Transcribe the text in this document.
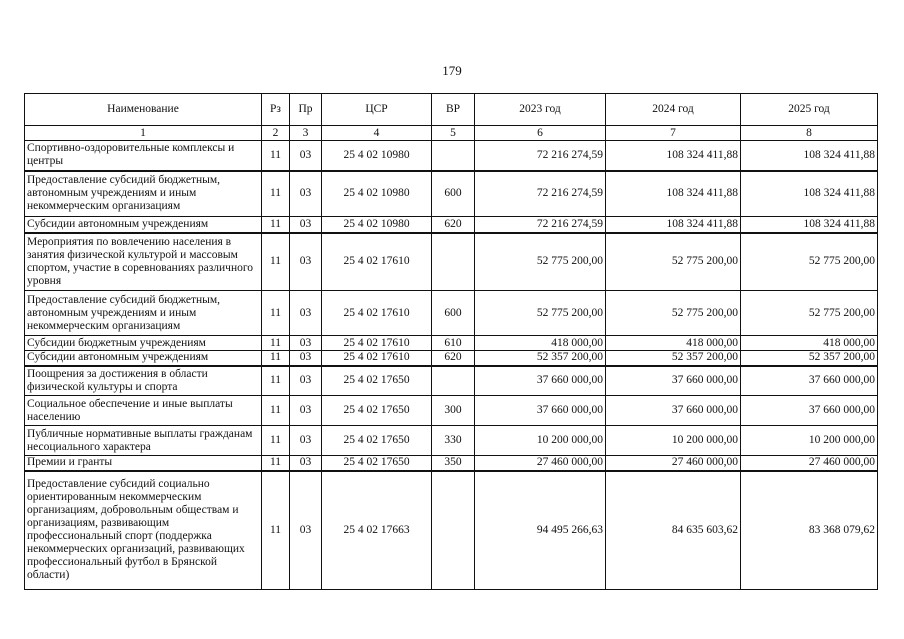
179
Наименование	Рз	Пр	ЦСР	ВР	2023 год	2024 год	2025 год
1	2	3	4	5	6	7	8
Спортивно-оздоровительные комплексы и центры	11	03	25 4 02 10980		72 216 274,59	108 324 411,88	108 324 411,88
Предоставление субсидий бюджетным, автономным учреждениям и иным некоммерческим организациям	11	03	25 4 02 10980	600	72 216 274,59	108 324 411,88	108 324 411,88
Субсидии автономным учреждениям	11	03	25 4 02 10980	620	72 216 274,59	108 324 411,88	108 324 411,88
Мероприятия по вовлечению населения в занятия физической культурой и массовым спортом, участие в соревнованиях различного уровня	11	03	25 4 02 17610		52 775 200,00	52 775 200,00	52 775 200,00
Предоставление субсидий бюджетным, автономным учреждениям и иным некоммерческим организациям	11	03	25 4 02 17610	600	52 775 200,00	52 775 200,00	52 775 200,00
Субсидии бюджетным учреждениям	11	03	25 4 02 17610	610	418 000,00	418 000,00	418 000,00
Субсидии автономным учреждениям	11	03	25 4 02 17610	620	52 357 200,00	52 357 200,00	52 357 200,00
Поощрения за достижения в области физической культуры и спорта	11	03	25 4 02 17650		37 660 000,00	37 660 000,00	37 660 000,00
Социальное обеспечение и иные выплаты населению	11	03	25 4 02 17650	300	37 660 000,00	37 660 000,00	37 660 000,00
Публичные нормативные выплаты гражданам несоциального характера	11	03	25 4 02 17650	330	10 200 000,00	10 200 000,00	10 200 000,00
Премии и гранты	11	03	25 4 02 17650	350	27 460 000,00	27 460 000,00	27 460 000,00
Предоставление субсидий социально ориентированным некоммерческим организациям, добровольным обществам и организациям, развивающим профессиональный спорт (поддержка некоммерческих организаций, развивающих профессиональный футбол в Брянской области)	11	03	25 4 02 17663		94 495 266,63	84 635 603,62	83 368 079,62
